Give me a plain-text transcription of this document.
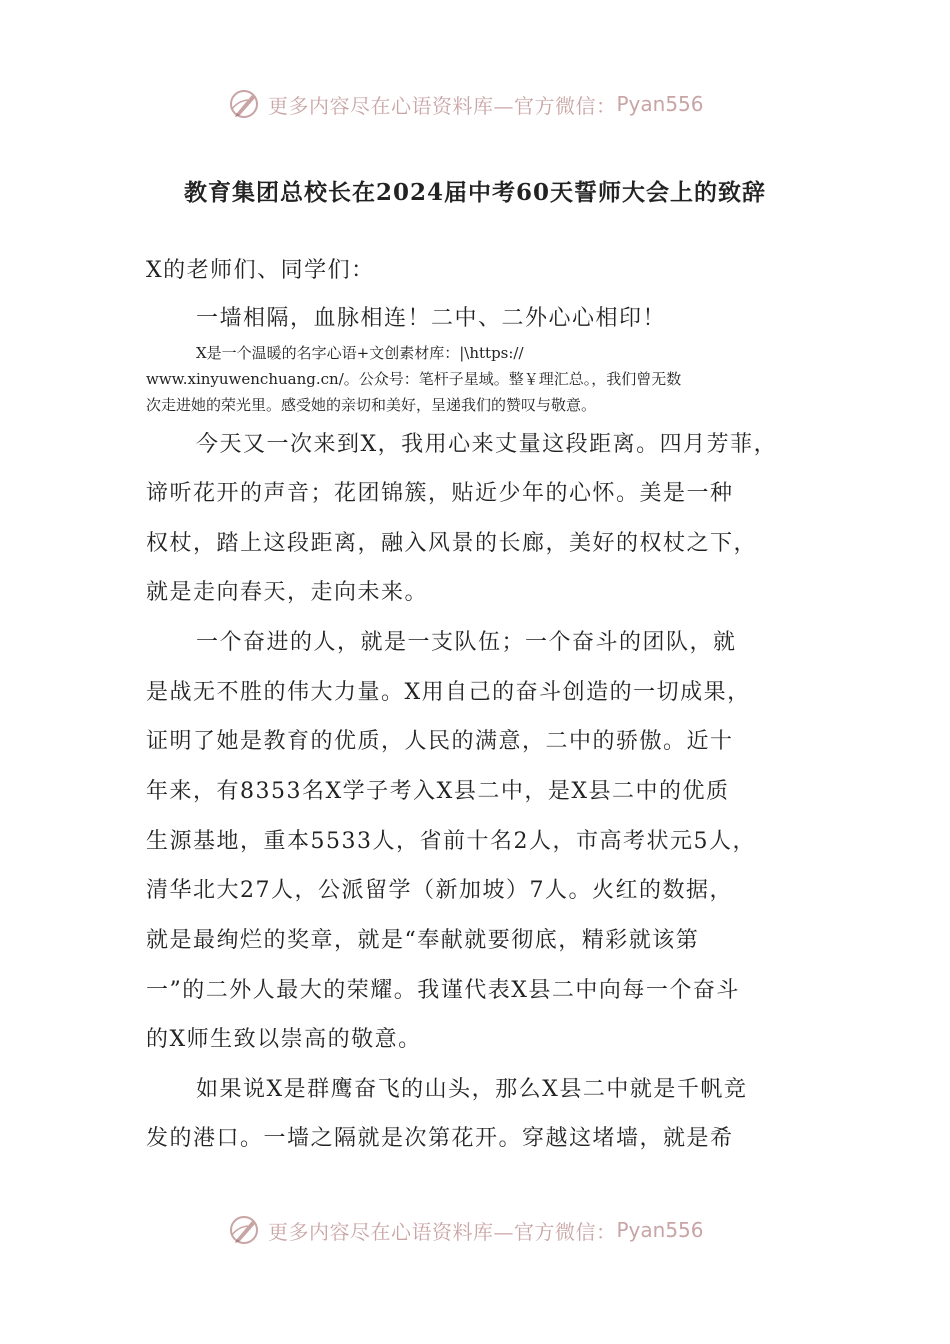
更多内容尽在心语资料库—官方微信： Pyan556
教育集团总校长在2024届中考60天誓师大会上的致辞
X的老师们、同学们：
一墙相隔，血脉相连！二中、二外心心相印！
X是一个温暖的名字心语+文创素材库：|\https://
www.xinyuwenchuang.cn/。公众号：笔杆子星域。整￥理汇总。，我们曾无数
次走进她的荣光里。感受她的亲切和美好，呈递我们的赞叹与敬意。
今天又一次来到X，我用心来丈量这段距离。四月芳菲，
谛听花开的声音；花团锦簇，贴近少年的心怀。美是一种
权杖，踏上这段距离，融入风景的长廊，美好的权杖之下，
就是走向春天，走向未来。
一个奋进的人，就是一支队伍；一个奋斗的团队，就
是战无不胜的伟大力量。X用自己的奋斗创造的一切成果，
证明了她是教育的优质，人民的满意，二中的骄傲。近十
年来，有8353名X学子考入X县二中，是X县二中的优质
生源基地，重本5533人，省前十名2人，市高考状元5人，
清华北大27人，公派留学（新加坡）7人。火红的数据，
就是最绚烂的奖章，就是“奉献就要彻底，精彩就该第
一”的二外人最大的荣耀。我谨代表X县二中向每一个奋斗
的X师生致以崇高的敬意。
如果说X是群鹰奋飞的山头，那么X县二中就是千帆竞
发的港口。一墙之隔就是次第花开。穿越这堵墙，就是希
更多内容尽在心语资料库—官方微信： Pyan556
